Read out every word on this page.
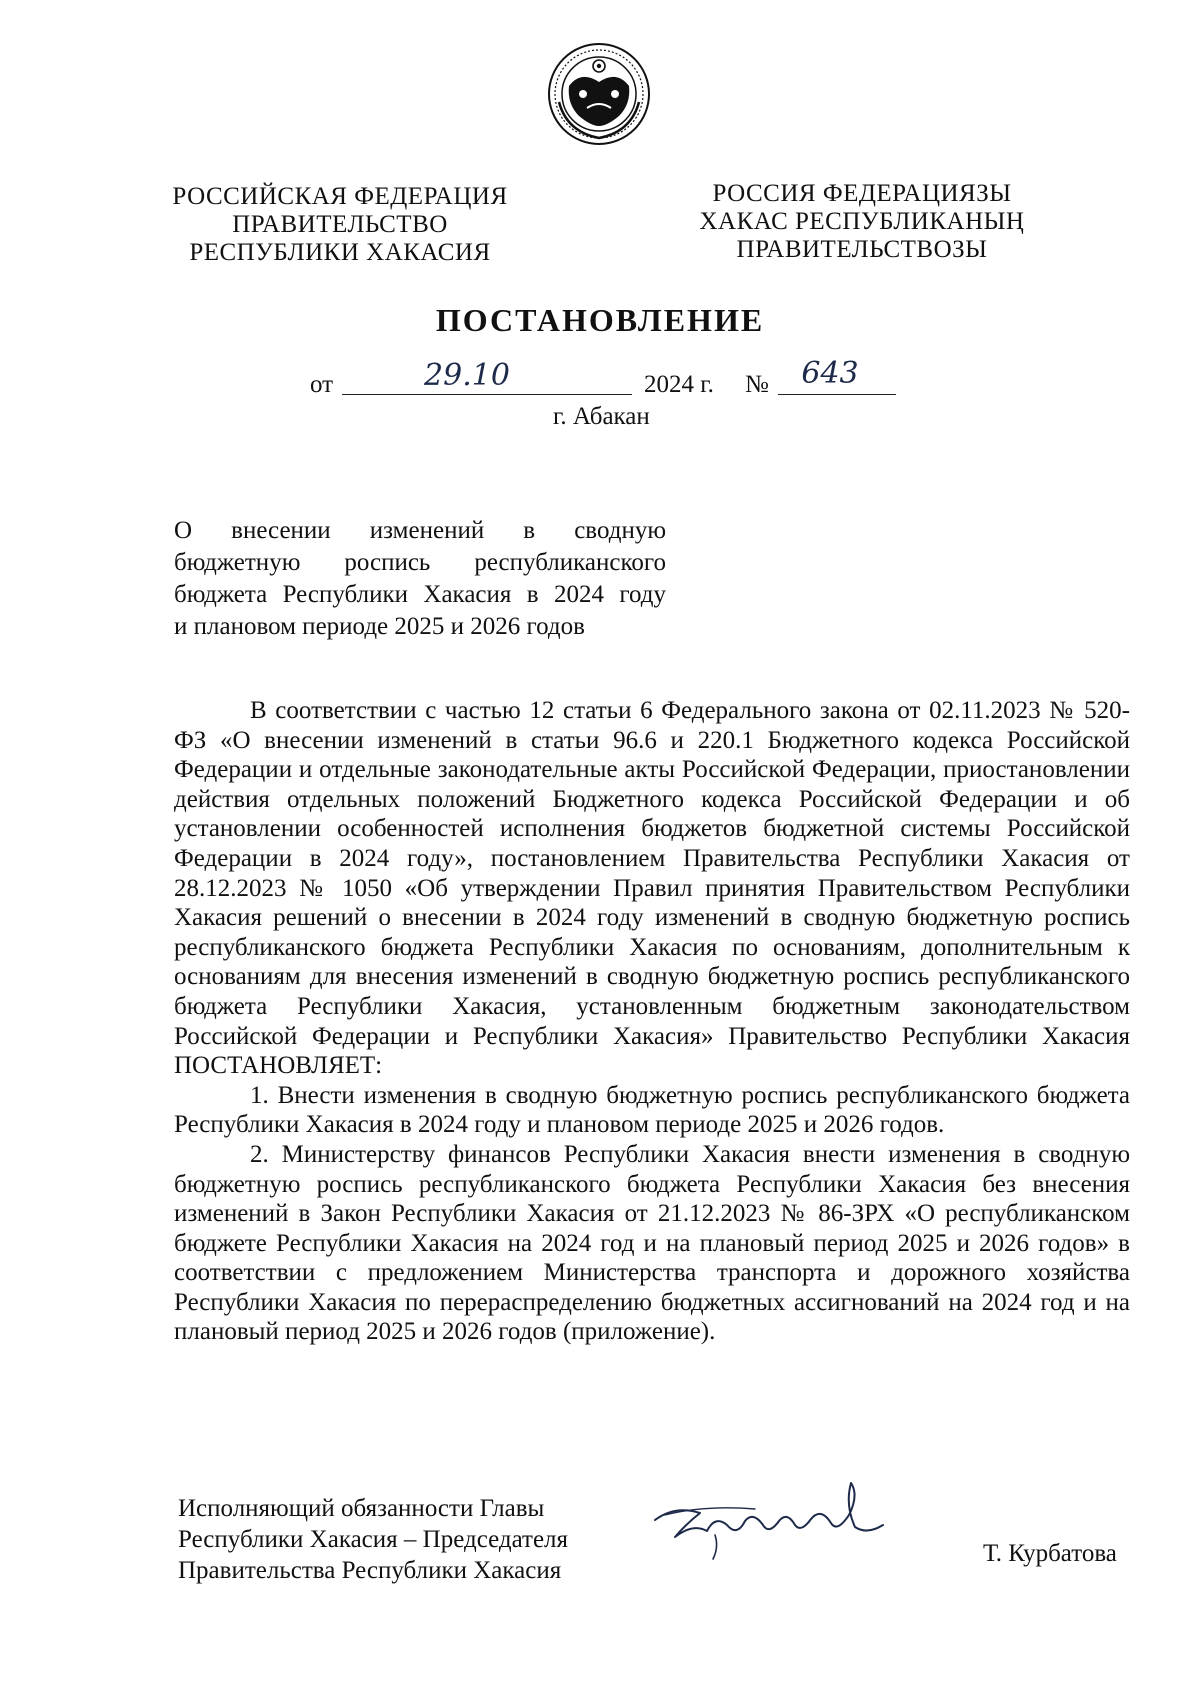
РОССИЙСКАЯ ФЕДЕРАЦИЯ
ПРАВИТЕЛЬСТВО
РЕСПУБЛИКИ ХАКАСИЯ
РОССИЯ ФЕДЕРАЦИЯЗЫ
ХАКАС РЕСПУБЛИКАНЫҢ
ПРАВИТЕЛЬСТВОЗЫ
ПОСТАНОВЛЕНИЕ
от	29.10	2024 г. №	643
г. Абакан
О внесении изменений в сводную
бюджетную роспись республиканского
бюджета Республики Хакасия в 2024 году
и плановом периоде 2025 и 2026 годов

В соответствии с частью 12 статьи 6 Федерального закона от 02.11.2023 № 520-ФЗ «О внесении изменений в статьи 96.6 и 220.1 Бюджетного кодекса Российской Федерации и отдельные законодательные акты Российской Федерации, приостановлении действия отдельных положений Бюджетного кодекса Российской Федерации и об установлении особенностей исполнения бюджетов бюджетной системы Российской Федерации в 2024 году», постановлением Правительства Республики Хакасия от 28.12.2023 № 1050 «Об утверждении Правил принятия Правительством Республики Хакасия решений о внесении в 2024 году изменений в сводную бюджетную роспись республиканского бюджета Республики Хакасия по основаниям, дополнительным к основаниям для внесения изменений в сводную бюджетную роспись республиканского бюджета Республики Хакасия, установленным бюджетным законодательством Российской Федерации и Республики Хакасия» Правительство Республики Хакасия ПОСТАНОВЛЯЕТ:

1. Внести изменения в сводную бюджетную роспись республиканского бюджета Республики Хакасия в 2024 году и плановом периоде 2025 и 2026 годов.

2. Министерству финансов Республики Хакасия внести изменения в сводную бюджетную роспись республиканского бюджета Республики Хакасия без внесения изменений в Закон Республики Хакасия от 21.12.2023 № 86-ЗРХ «О республиканском бюджете Республики Хакасия на 2024 год и на плановый период 2025 и 2026 годов» в соответствии с предложением Министерства транспорта и дорожного хозяйства Республики Хакасия по перераспределению бюджетных ассигнований на 2024 год и на плановый период 2025 и 2026 годов (приложение).

Исполняющий обязанности Главы
Республики Хакасия – Председателя
Правительства Республики Хакасия
Т. Курбатова
